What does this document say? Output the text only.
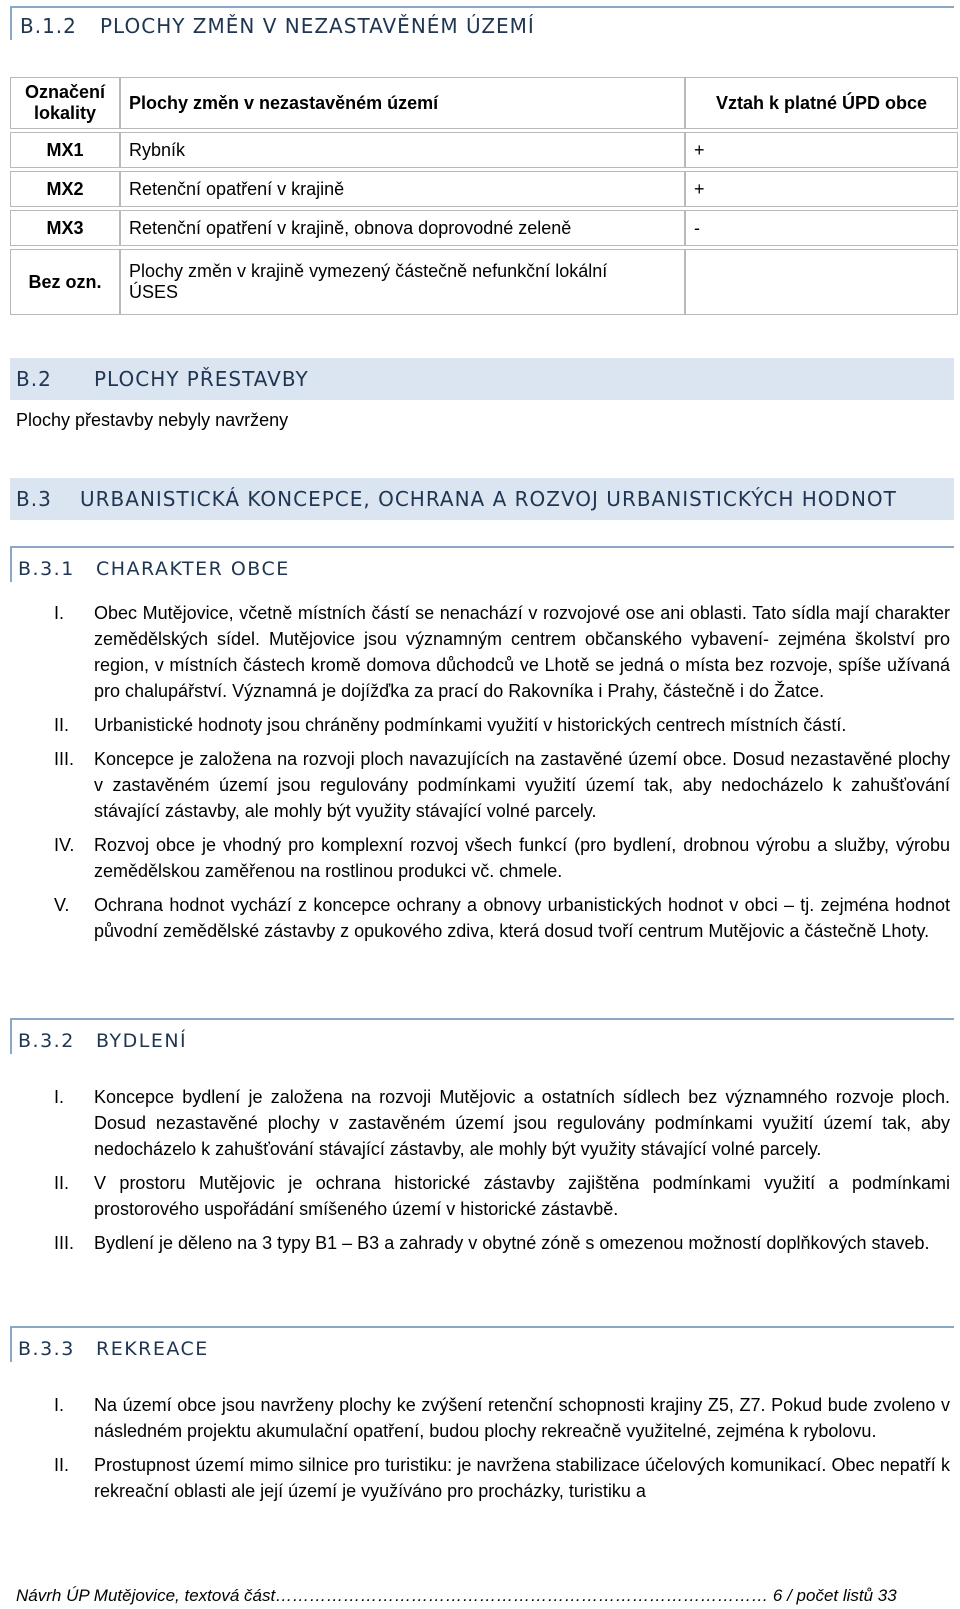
B.1.2 PLOCHY ZMĚN V NEZASTAVĚNÉM ÚZEMÍ
Označení lokality	Plochy změn v nezastavěném území	Vztah k platné ÚPD obce
MX1	Rybník	+
MX2	Retenční opatření v krajině	+
MX3	Retenční opatření v krajině, obnova doprovodné zeleně	-
Bez ozn.	Plochy změn v krajině vymezený částečně nefunkční lokální ÚSES	
B.2 PLOCHY PŘESTAVBY
Plochy přestavby nebyly navrženy
B.3 URBANISTICKÁ KONCEPCE, OCHRANA A ROZVOJ URBANISTICKÝCH HODNOT
B.3.1 CHARAKTER OBCE
I.	Obec Mutějovice, včetně místních částí se nenachází v rozvojové ose ani oblasti. Tato sídla mají charakter zemědělských sídel. Mutějovice jsou významným centrem občanského vybavení- zejména školství pro region, v místních částech kromě domova důchodců ve Lhotě se jedná o místa bez rozvoje, spíše užívaná pro chalupářství. Významná je dojížďka za prací do Rakovníka i Prahy, částečně i do Žatce.
II.	Urbanistické hodnoty jsou chráněny podmínkami využití v historických centrech místních částí.
III.	Koncepce je založena na rozvoji ploch navazujících na zastavěné území obce. Dosud nezastavěné plochy v zastavěném území jsou regulovány podmínkami využití území tak, aby nedocházelo k zahušťování stávající zástavby, ale mohly být využity stávající volné parcely.
IV.	Rozvoj obce je vhodný pro komplexní rozvoj všech funkcí (pro bydlení, drobnou výrobu a služby, výrobu zemědělskou zaměřenou na rostlinou produkci vč. chmele.
V.	Ochrana hodnot vychází z koncepce ochrany a obnovy urbanistických hodnot v obci – tj. zejména hodnot původní zemědělské zástavby z opukového zdiva, která dosud tvoří centrum Mutějovic a částečně Lhoty.
B.3.2 BYDLENÍ
I.	Koncepce bydlení je založena na rozvoji Mutějovic a ostatních sídlech bez významného rozvoje ploch. Dosud nezastavěné plochy v zastavěném území jsou regulovány podmínkami využití území tak, aby nedocházelo k zahušťování stávající zástavby, ale mohly být využity stávající volné parcely.
II.	V prostoru Mutějovic je ochrana historické zástavby zajištěna podmínkami využití a podmínkami prostorového uspořádání smíšeného území v historické zástavbě.
III.	Bydlení je děleno na 3 typy B1 – B3 a zahrady v obytné zóně s omezenou možností doplňkových staveb.
B.3.3 REKREACE
I.	Na území obce jsou navrženy plochy ke zvýšení retenční schopnosti krajiny Z5, Z7. Pokud bude zvoleno v následném projektu akumulační opatření, budou plochy rekreačně využitelné, zejména k rybolovu.
II.	Prostupnost území mimo silnice pro turistiku: je navržena stabilizace účelových komunikací. Obec nepatří k rekreační oblasti ale její území je využíváno pro procházky, turistiku a
Návrh ÚP Mutějovice, textová část…………………………………………………………………………… 6 / počet listů 33
